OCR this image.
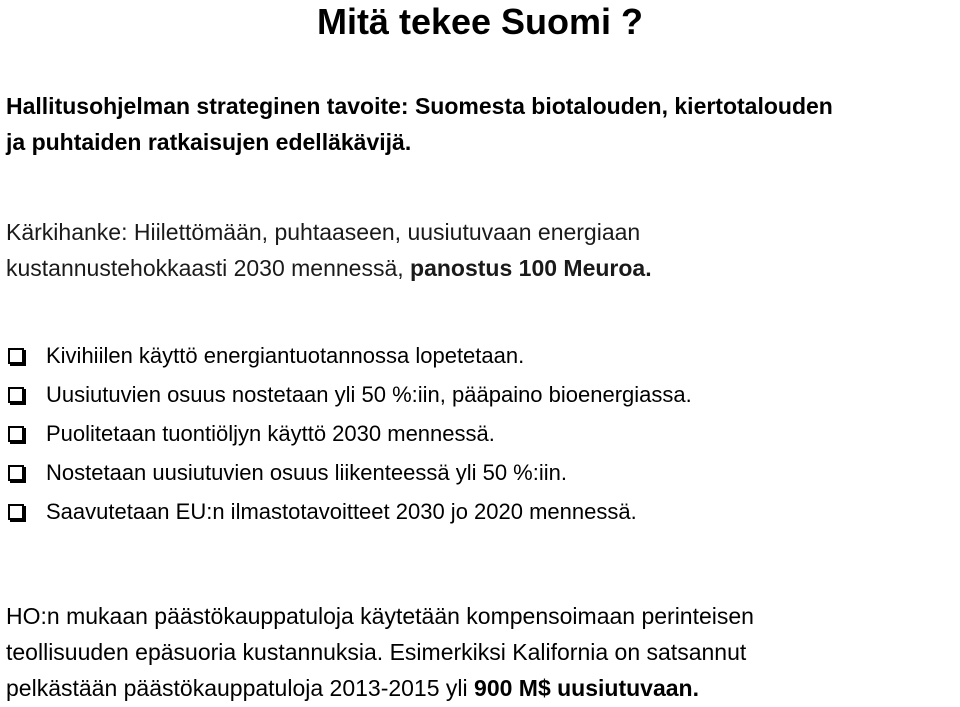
Mitä tekee Suomi ?
Hallitusohjelman strateginen tavoite: Suomesta biotalouden, kiertotalouden
ja puhtaiden ratkaisujen edelläkävijä.
Kärkihanke: Hiilettömään, puhtaaseen, uusiutuvaan energiaan
kustannustehokkaasti 2030 mennessä, panostus 100 Meuroa.
Kivihiilen käyttö energiantuotannossa lopetetaan.
Uusiutuvien osuus nostetaan yli 50 %:iin, pääpaino bioenergiassa.
Puolitetaan tuontiöljyn käyttö 2030 mennessä.
Nostetaan uusiutuvien osuus liikenteessä yli 50 %:iin.
Saavutetaan EU:n ilmastotavoitteet 2030 jo 2020 mennessä.
HO:n mukaan päästökauppatuloja käytetään kompensoimaan perinteisen
teollisuuden epäsuoria kustannuksia. Esimerkiksi Kalifornia on satsannut
pelkästään päästökauppatuloja 2013-2015 yli 900 M$ uusiutuvaan.
